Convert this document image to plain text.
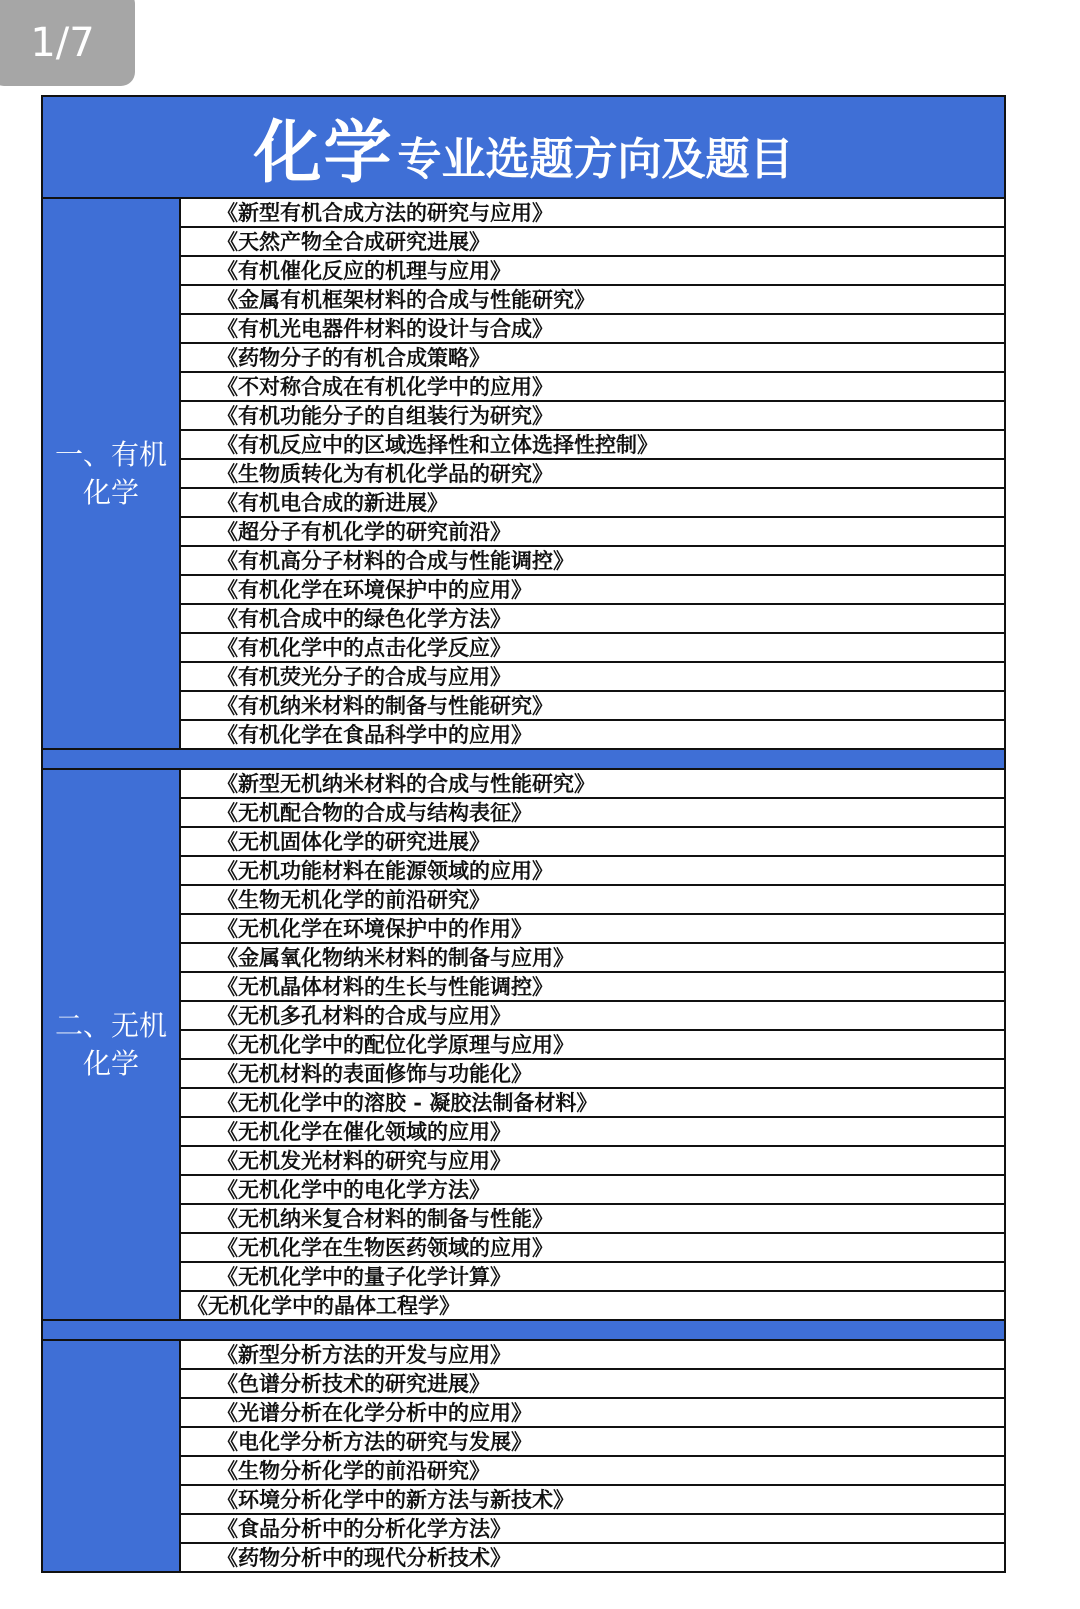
1/7
化学 专业选题方向及题目
一、有机
化学
《新型有机合成方法的研究与应用》
《天然产物全合成研究进展》
《有机催化反应的机理与应用》
《金属有机框架材料的合成与性能研究》
《有机光电器件材料的设计与合成》
《药物分子的有机合成策略》
《不对称合成在有机化学中的应用》
《有机功能分子的自组装行为研究》
《有机反应中的区域选择性和立体选择性控制》
《生物质转化为有机化学品的研究》
《有机电合成的新进展》
《超分子有机化学的研究前沿》
《有机高分子材料的合成与性能调控》
《有机化学在环境保护中的应用》
《有机合成中的绿色化学方法》
《有机化学中的点击化学反应》
《有机荧光分子的合成与应用》
《有机纳米材料的制备与性能研究》
《有机化学在食品科学中的应用》
二、无机
化学
《新型无机纳米材料的合成与性能研究》
《无机配合物的合成与结构表征》
《无机固体化学的研究进展》
《无机功能材料在能源领域的应用》
《生物无机化学的前沿研究》
《无机化学在环境保护中的作用》
《金属氧化物纳米材料的制备与应用》
《无机晶体材料的生长与性能调控》
《无机多孔材料的合成与应用》
《无机化学中的配位化学原理与应用》
《无机材料的表面修饰与功能化》
《无机化学中的溶胶 - 凝胶法制备材料》
《无机化学在催化领域的应用》
《无机发光材料的研究与应用》
《无机化学中的电化学方法》
《无机纳米复合材料的制备与性能》
《无机化学在生物医药领域的应用》
《无机化学中的量子化学计算》
《无机化学中的晶体工程学》
《新型分析方法的开发与应用》
《色谱分析技术的研究进展》
《光谱分析在化学分析中的应用》
《电化学分析方法的研究与发展》
《生物分析化学的前沿研究》
《环境分析化学中的新方法与新技术》
《食品分析中的分析化学方法》
《药物分析中的现代分析技术》
